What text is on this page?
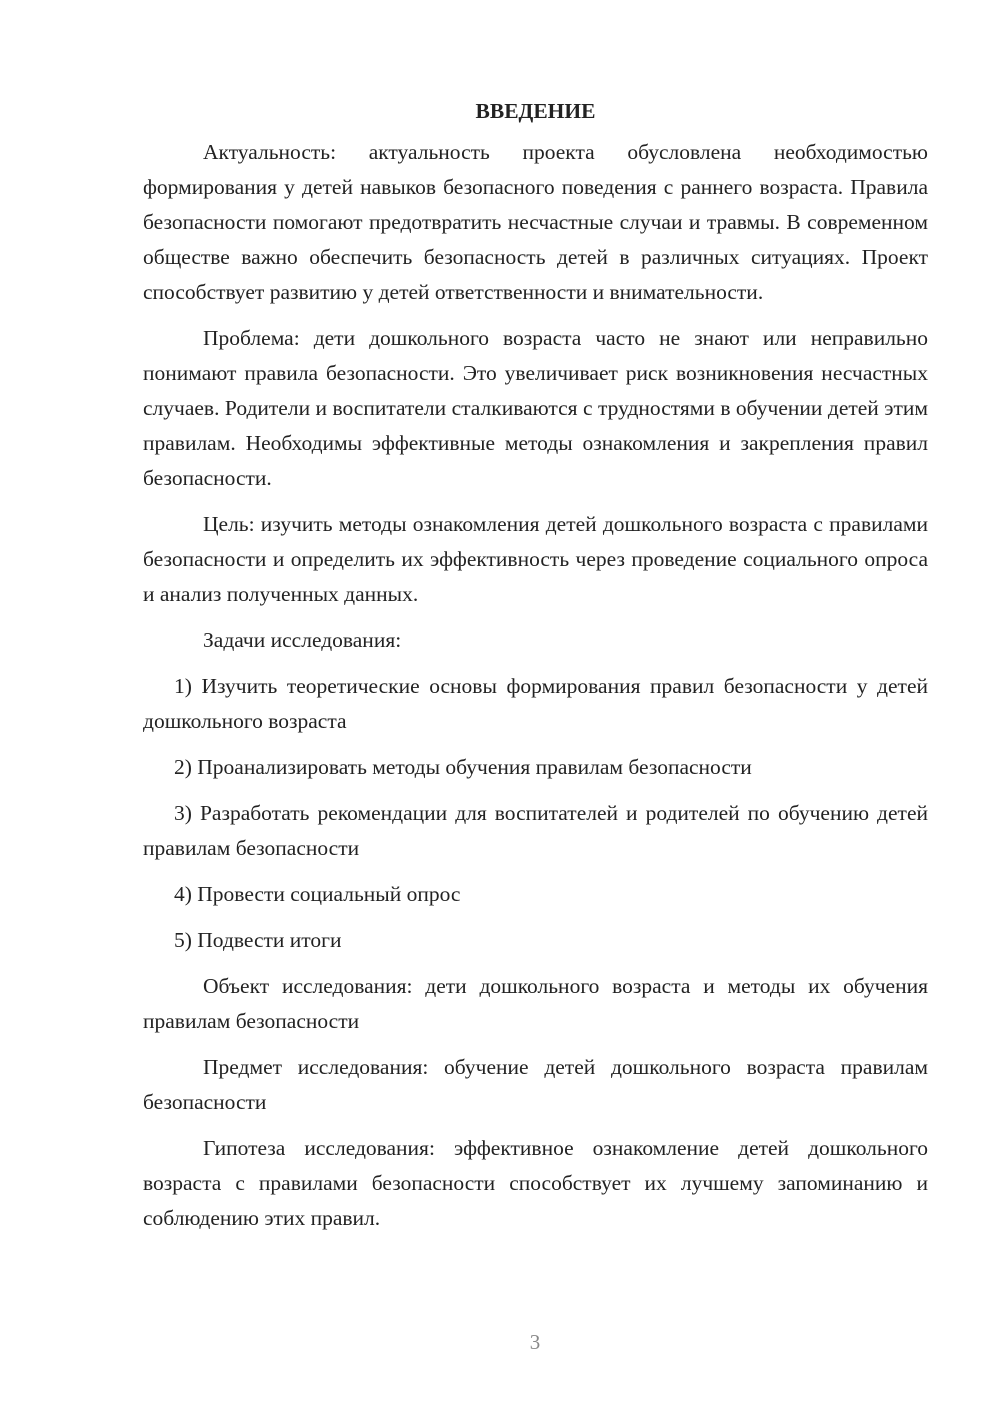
ВВЕДЕНИЕ

Актуальность: актуальность проекта обусловлена необходимостью формирования у детей навыков безопасного поведения с раннего возраста. Правила безопасности помогают предотвратить несчастные случаи и травмы. В современном обществе важно обеспечить безопасность детей в различных ситуациях. Проект способствует развитию у детей ответственности и внимательности.

Проблема: дети дошкольного возраста часто не знают или неправильно понимают правила безопасности. Это увеличивает риск возникновения несчастных случаев. Родители и воспитатели сталкиваются с трудностями в обучении детей этим правилам. Необходимы эффективные методы ознакомления и закрепления правил безопасности.

Цель: изучить методы ознакомления детей дошкольного возраста с правилами безопасности и определить их эффективность через проведение социального опроса и анализ полученных данных.

Задачи исследования:

1) Изучить теоретические основы формирования правил безопасности у детей дошкольного возраста

2) Проанализировать методы обучения правилам безопасности

3) Разработать рекомендации для воспитателей и родителей по обучению детей правилам безопасности

4) Провести социальный опрос

5) Подвести итоги

Объект исследования: дети дошкольного возраста и методы их обучения правилам безопасности

Предмет исследования: обучение детей дошкольного возраста правилам безопасности

Гипотеза исследования: эффективное ознакомление детей дошкольного возраста с правилами безопасности способствует их лучшему запоминанию и соблюдению этих правил.

3
